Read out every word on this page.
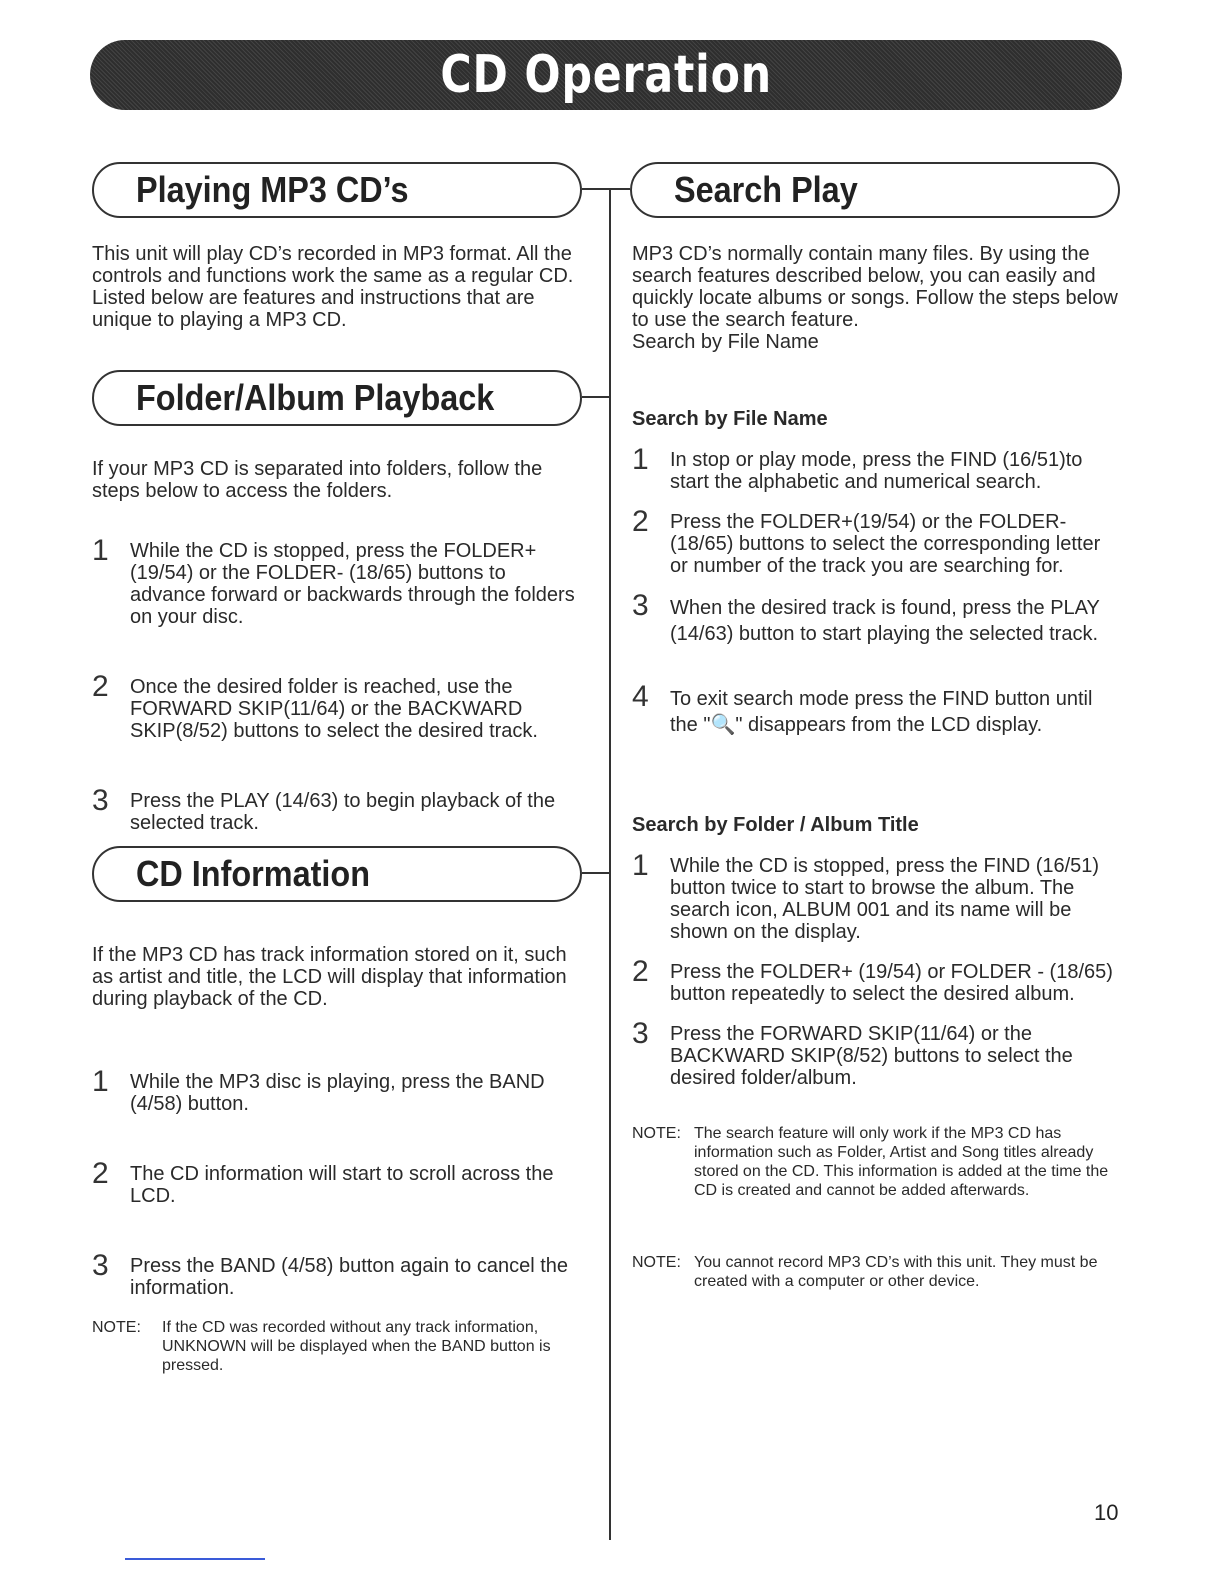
CD Operation
Playing MP3 CD’s

This unit will play CD’s recorded in MP3 format. All the controls and functions work the same as a regular CD. Listed below are features and instructions that are unique to playing a MP3 CD.

Folder/Album Playback

If your MP3 CD is separated into folders, follow the steps below to access the folders.

1 While the CD is stopped, press the FOLDER+ (19/54) or the FOLDER- (18/65) buttons to advance forward or backwards through the folders on your disc.

2 Once the desired folder is reached, use the FORWARD SKIP(11/64) or the BACKWARD SKIP(8/52) buttons to select the desired track.

3 Press the PLAY (14/63) to begin playback of the selected track.

CD Information

If the MP3 CD has track information stored on it, such as artist and title, the LCD will display that information during playback of the CD.

1 While the MP3 disc is playing, press the BAND (4/58) button.

2 The CD information will start to scroll across the LCD.

3 Press the BAND (4/58) button again to cancel the information.

NOTE: If the CD was recorded without any track information, UNKNOWN will be displayed when the BAND button is pressed.
Search Play

MP3 CD’s normally contain many files. By using the search features described below, you can easily and quickly locate albums or songs. Follow the steps below to use the search feature.
Search by File Name

Search by File Name
1 In stop or play mode, press the FIND (16/51)to start the alphabetic and numerical search.

2 Press the FOLDER+(19/54) or the FOLDER- (18/65) buttons to select the corresponding letter or number of the track you are searching for.

3 When the desired track is found, press the PLAY (14/63) button to start playing the selected track.

4 To exit search mode press the FIND button until the "🔍" disappears from the LCD display.

Search by Folder / Album Title
1 While the CD is stopped, press the FIND (16/51) button twice to start to browse the album. The search icon, ALBUM 001 and its name will be shown on the display.

2 Press the FOLDER+ (19/54) or FOLDER - (18/65) button repeatedly to select the desired album.

3 Press the FORWARD SKIP(11/64) or the BACKWARD SKIP(8/52) buttons to select the desired folder/album.

NOTE: The search feature will only work if the MP3 CD has information such as Folder, Artist and Song titles already stored on the CD. This information is added at the time the CD is created and cannot be added afterwards.
NOTE: You cannot record MP3 CD’s with this unit. They must be created with a computer or other device.
10
